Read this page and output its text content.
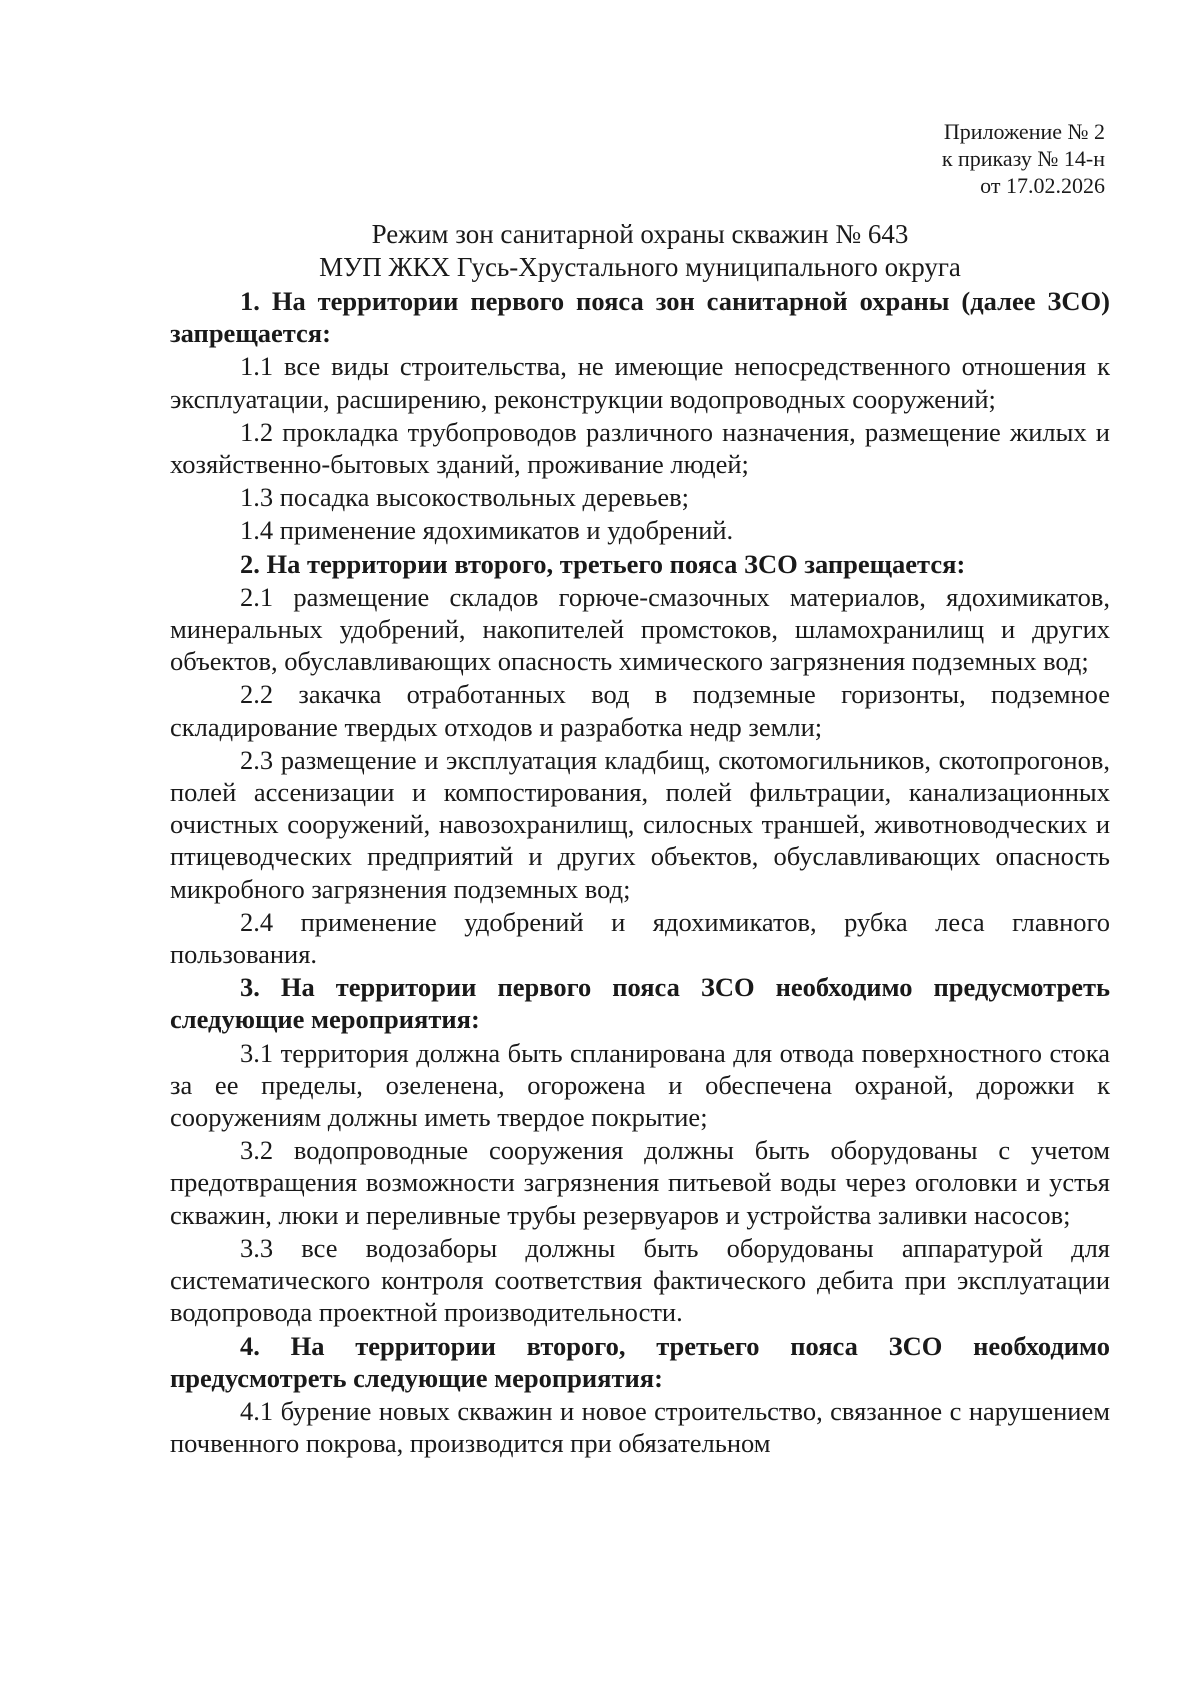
Приложение № 2
к приказу № 14-н
от 17.02.2026
Режим зон санитарной охраны скважин № 643
МУП ЖКХ Гусь-Хрустального муниципального округа

1. На территории первого пояса зон санитарной охраны (далее ЗСО) запрещается:

1.1 все виды строительства, не имеющие непосредственного отношения к эксплуатации, расширению, реконструкции водопроводных сооружений;

1.2 прокладка трубопроводов различного назначения, размещение жилых и хозяйственно-бытовых зданий, проживание людей;

1.3 посадка высокоствольных деревьев;

1.4 применение ядохимикатов и удобрений.

2. На территории второго, третьего пояса ЗСО запрещается:

2.1 размещение складов горюче-смазочных материалов, ядохимикатов, минеральных удобрений, накопителей промстоков, шламохранилищ и других объектов, обуславливающих опасность химического загрязнения подземных вод;

2.2 закачка отработанных вод в подземные горизонты, подземное складирование твердых отходов и разработка недр земли;

2.3 размещение и эксплуатация кладбищ, скотомогильников, скотопрогонов, полей ассенизации и компостирования, полей фильтрации, канализационных очистных сооружений, навозохранилищ, силосных траншей, животноводческих и птицеводческих предприятий и других объектов, обуславливающих опасность микробного загрязнения подземных вод;

2.4 применение удобрений и ядохимикатов, рубка леса главного пользования.

3. На территории первого пояса ЗСО необходимо предусмотреть следующие мероприятия:

3.1 территория должна быть спланирована для отвода поверхностного стока за ее пределы, озеленена, огорожена и обеспечена охраной, дорожки к сооружениям должны иметь твердое покрытие;

3.2 водопроводные сооружения должны быть оборудованы с учетом предотвращения возможности загрязнения питьевой воды через оголовки и устья скважин, люки и переливные трубы резервуаров и устройства заливки насосов;

3.3 все водозаборы должны быть оборудованы аппаратурой для систематического контроля соответствия фактического дебита при эксплуатации водопровода проектной производительности.

4. На территории второго, третьего пояса ЗСО необходимо предусмотреть следующие мероприятия:

4.1 бурение новых скважин и новое строительство, связанное с нарушением почвенного покрова, производится при обязательном
